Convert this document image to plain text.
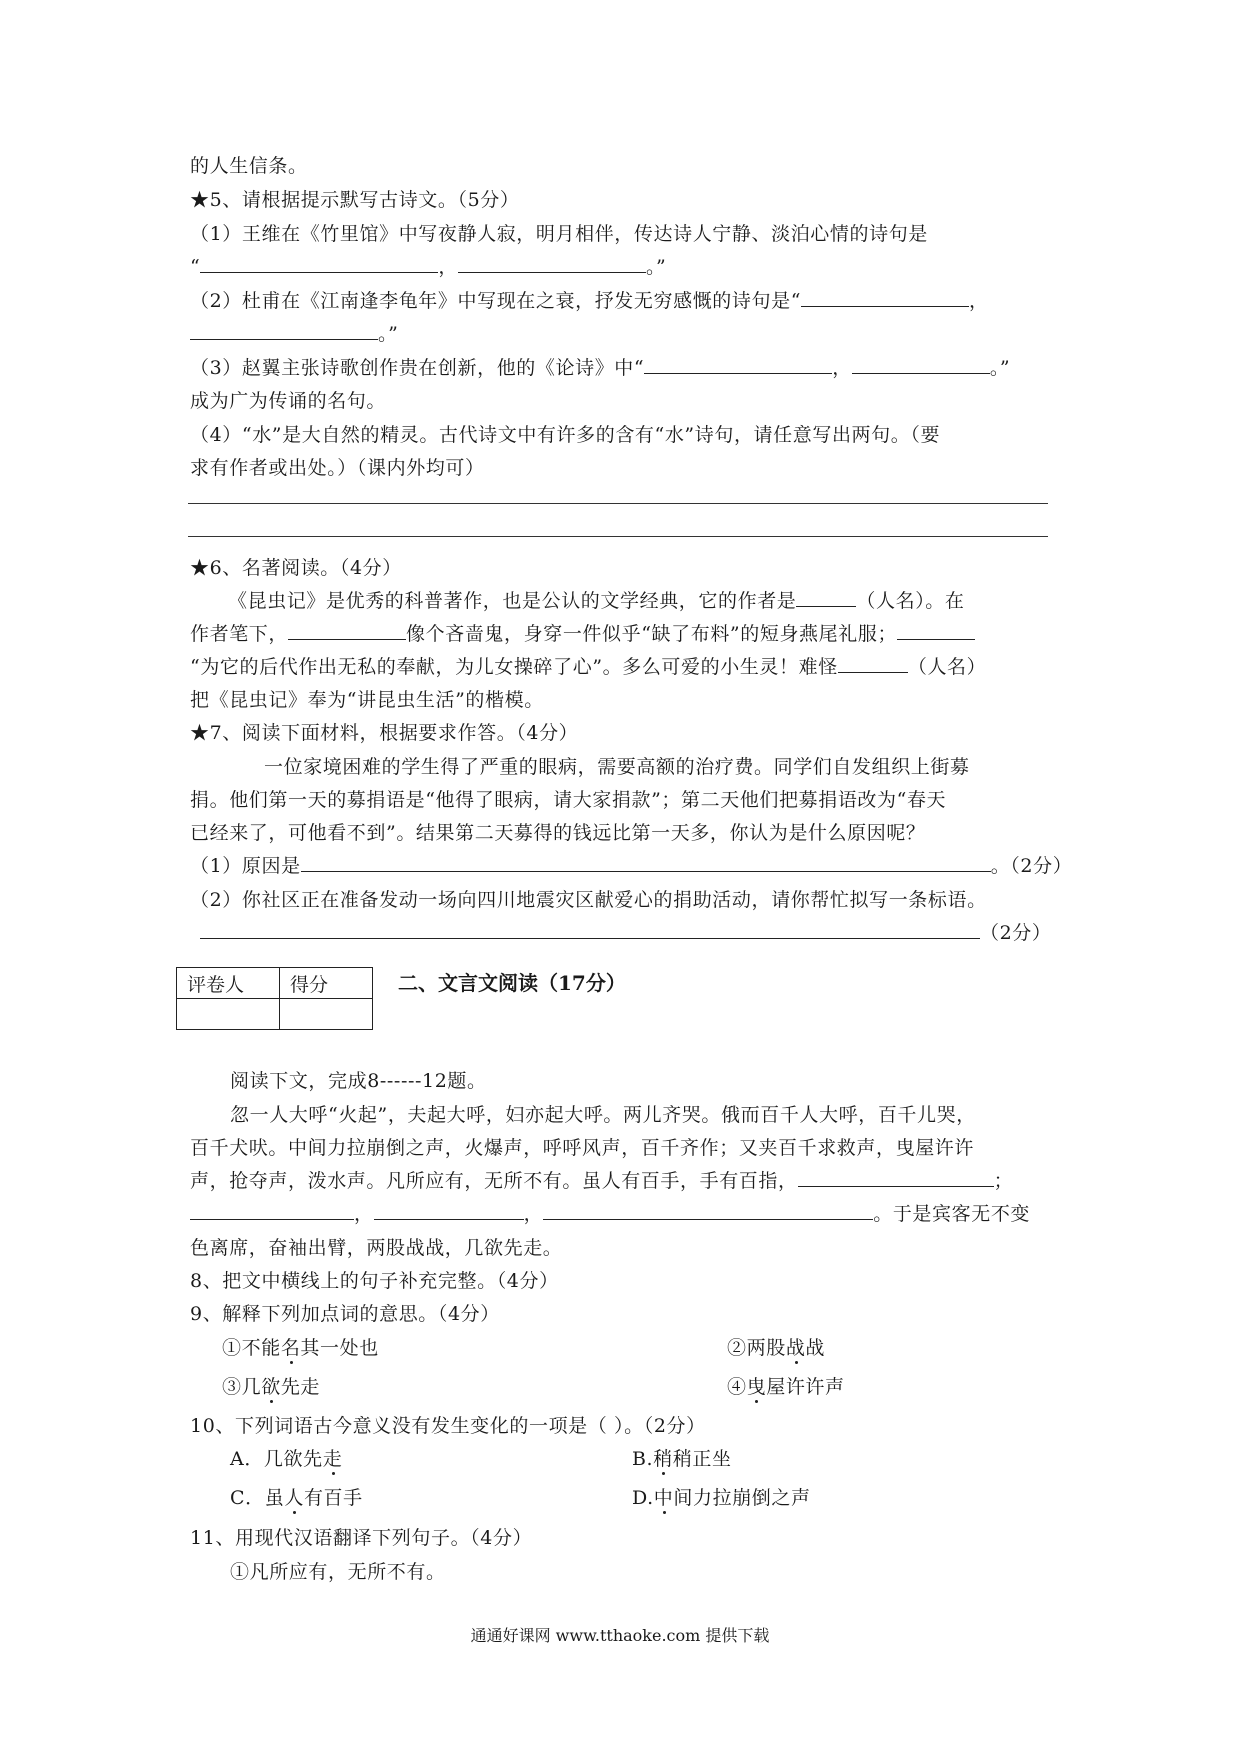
的人生信条。
★5、请根据提示默写古诗文。（5分）
（1）王维在《竹里馆》中写夜静人寂，明月相伴，传达诗人宁静、淡泊心情的诗句是
“	，	。”
（2）杜甫在《江南逢李龟年》中写现在之衰，抒发无穷感慨的诗句是“	，
。”
（3）赵翼主张诗歌创作贵在创新，他的《论诗》中“	，	。”
成为广为传诵的名句。
（4）“水”是大自然的精灵。古代诗文中有许多的含有“水”诗句，请任意写出两句。（要
求有作者或出处。）（课内外均可）
★6、名著阅读。（4分）
《昆虫记》是优秀的科普著作，也是公认的文学经典，它的作者是	（人名）。在
作者笔下，	像个吝啬鬼，身穿一件似乎“缺了布料”的短身燕尾礼服；
“为它的后代作出无私的奉献，为儿女操碎了心”。多么可爱的小生灵！难怪	（人名）
把《昆虫记》奉为“讲昆虫生活”的楷模。
★7、阅读下面材料，根据要求作答。（4分）
一位家境困难的学生得了严重的眼病，需要高额的治疗费。同学们自发组织上街募
捐。他们第一天的募捐语是“他得了眼病，请大家捐款”；第二天他们把募捐语改为“春天
已经来了，可他看不到”。结果第二天募得的钱远比第一天多，你认为是什么原因呢？
（1）原因是	。（2分）
（2）你社区正在准备发动一场向四川地震灾区献爱心的捐助活动，请你帮忙拟写一条标语。
（2分）
评卷人	得分
		二、文言文阅读（17分）
阅读下文，完成8------12题。
忽一人大呼“火起”，夫起大呼，妇亦起大呼。两儿齐哭。俄而百千人大呼，百千儿哭，
百千犬吠。中间力拉崩倒之声，火爆声，呼呼风声，百千齐作；又夹百千求救声，曳屋许许
声，抢夺声，泼水声。凡所应有，无所不有。虽人有百手，手有百指，	；
，	，	。于是宾客无不变
色离席，奋袖出臂，两股战战，几欲先走。
8、把文中横线上的句子补充完整。（4分）
9、解释下列加点词的意思。（4分）
①不能名其一处也	②两股战战
③几欲先走	④曳屋许许声
10、下列词语古今意义没有发生变化的一项是（ ）。（2分）
A．几欲先走	B.稍稍正坐
C．虽人有百手	D.中间力拉崩倒之声
11、用现代汉语翻译下列句子。（4分）
①凡所应有，无所不有。
通通好课网 www.tthaoke.com 提供下载
